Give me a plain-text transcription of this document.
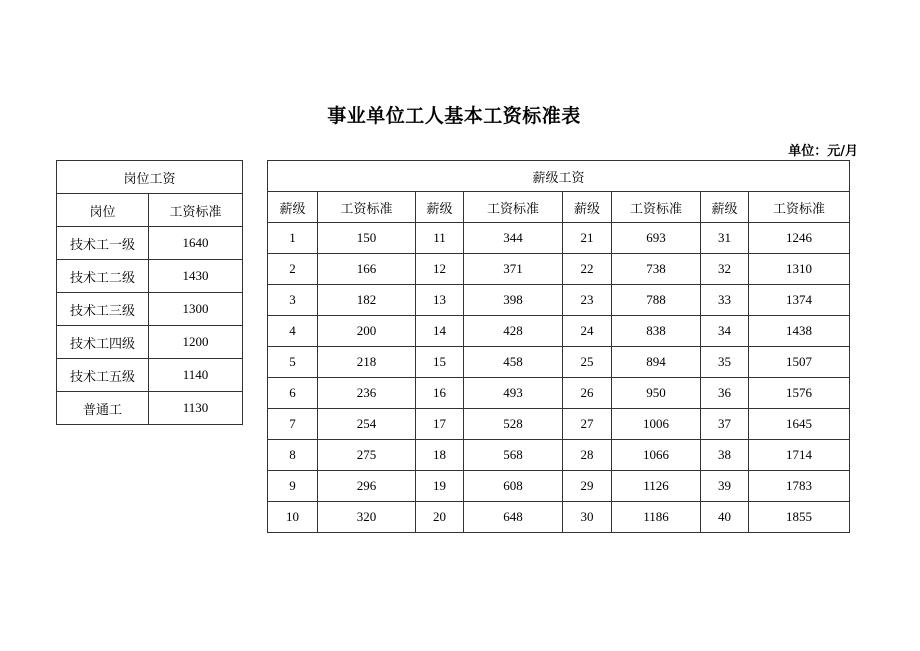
事业单位工人基本工资标准表
单位：元/月
岗位工资	
岗位	工资标准
技术工一级	1640
技术工二级	1430
技术工三级	1300
技术工四级	1200
技术工五级	1140
普通工	1130
薪级工资							
薪级	工资标准	薪级	工资标准	薪级	工资标准	薪级	工资标准
1	150	11	344	21	693	31	1246
2	166	12	371	22	738	32	1310
3	182	13	398	23	788	33	1374
4	200	14	428	24	838	34	1438
5	218	15	458	25	894	35	1507
6	236	16	493	26	950	36	1576
7	254	17	528	27	1006	37	1645
8	275	18	568	28	1066	38	1714
9	296	19	608	29	1126	39	1783
10	320	20	648	30	1186	40	1855
